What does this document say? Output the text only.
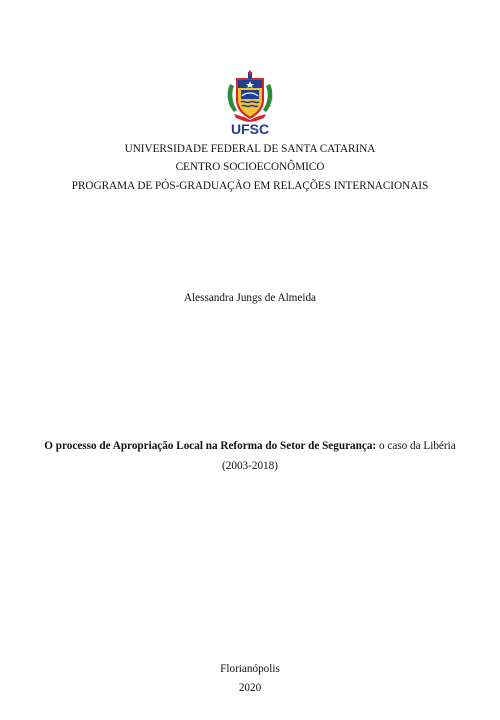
UFSC
UNIVERSIDADE FEDERAL DE SANTA CATARINA
CENTRO SOCIOECONÔMICO
PROGRAMA DE PÓS-GRADUAÇÃO EM RELAÇÕES INTERNACIONAIS
Alessandra Jungs de Almeida
O processo de Apropriação Local na Reforma do Setor de Segurança: o caso da Libéria
(2003-2018)
Florianópolis
2020
